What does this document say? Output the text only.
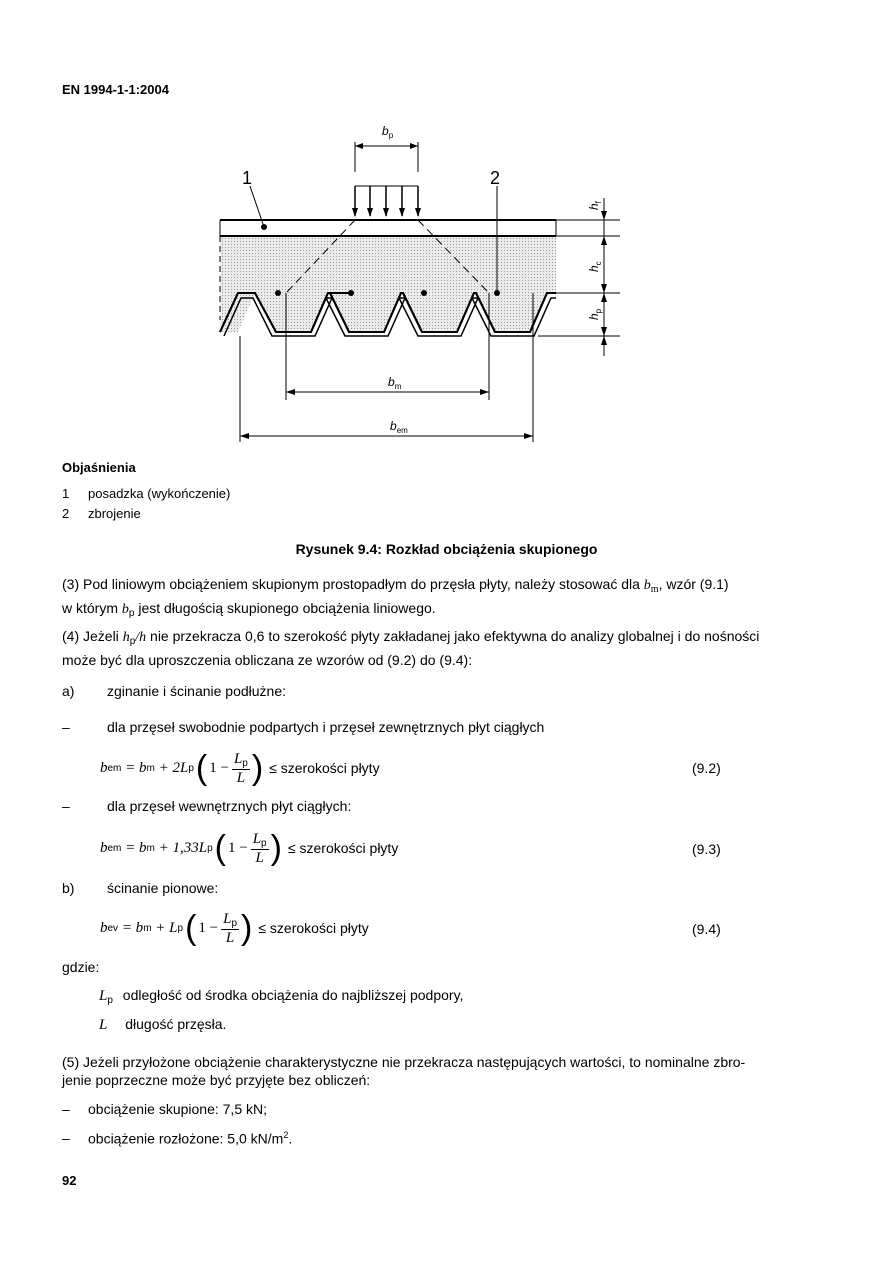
EN 1994-1-1:2004
1	2
$b_p$
$h_f$
$h_c$
$h_p$
$b_m$
$b_{em}$
Objaśnienia
1 posadzka (wykończenie)
2 zbrojenie
Rysunek 9.4: Rozkład obciążenia skupionego
(3) Pod liniowym obciążeniem skupionym prostopadłym do przęsła płyty, należy stosować dla $b_m$, wzór (9.1)
w którym $b_p$ jest długością skupionego obciążenia liniowego.
(4) Jeżeli $h_p/h$ nie przekracza 0,6 to szerokość płyty zakładanej jako efektywna do analizy globalnej i do nośności
może być dla uproszczenia obliczana ze wzorów od (9.2) do (9.4):
a) zginanie i ścinanie podłużne:
–	dla przęseł swobodnie podpartych i przęseł zewnętrznych płyt ciągłych
b em = b m + 2L p ( $1 - \frac{L_p}{L}$ ) ≤ szerokości płyty	(9.2)
–	dla przęseł wewnętrznych płyt ciągłych:
b em = b m + 1,33L p ( $1 - \frac{L_p}{L}$ ) ≤ szerokości płyty	(9.3)
b) ścinanie pionowe:
b ev = b m + L p ( $1 - \frac{L_p}{L}$ ) ≤ szerokości płyty	(9.4)
gdzie:
$L_p$ odległość od środka obciążenia do najbliższej podpory,
L długość przęsła.
(5) Jeżeli przyłożone obciążenie charakterystyczne nie przekracza następujących wartości, to nominalne zbro-
jenie poprzeczne może być przyjęte bez obliczeń:
– obciążenie skupione: 7,5 kN;
– obciążenie rozłożone: 5,0 $kN/m^2$.
92
